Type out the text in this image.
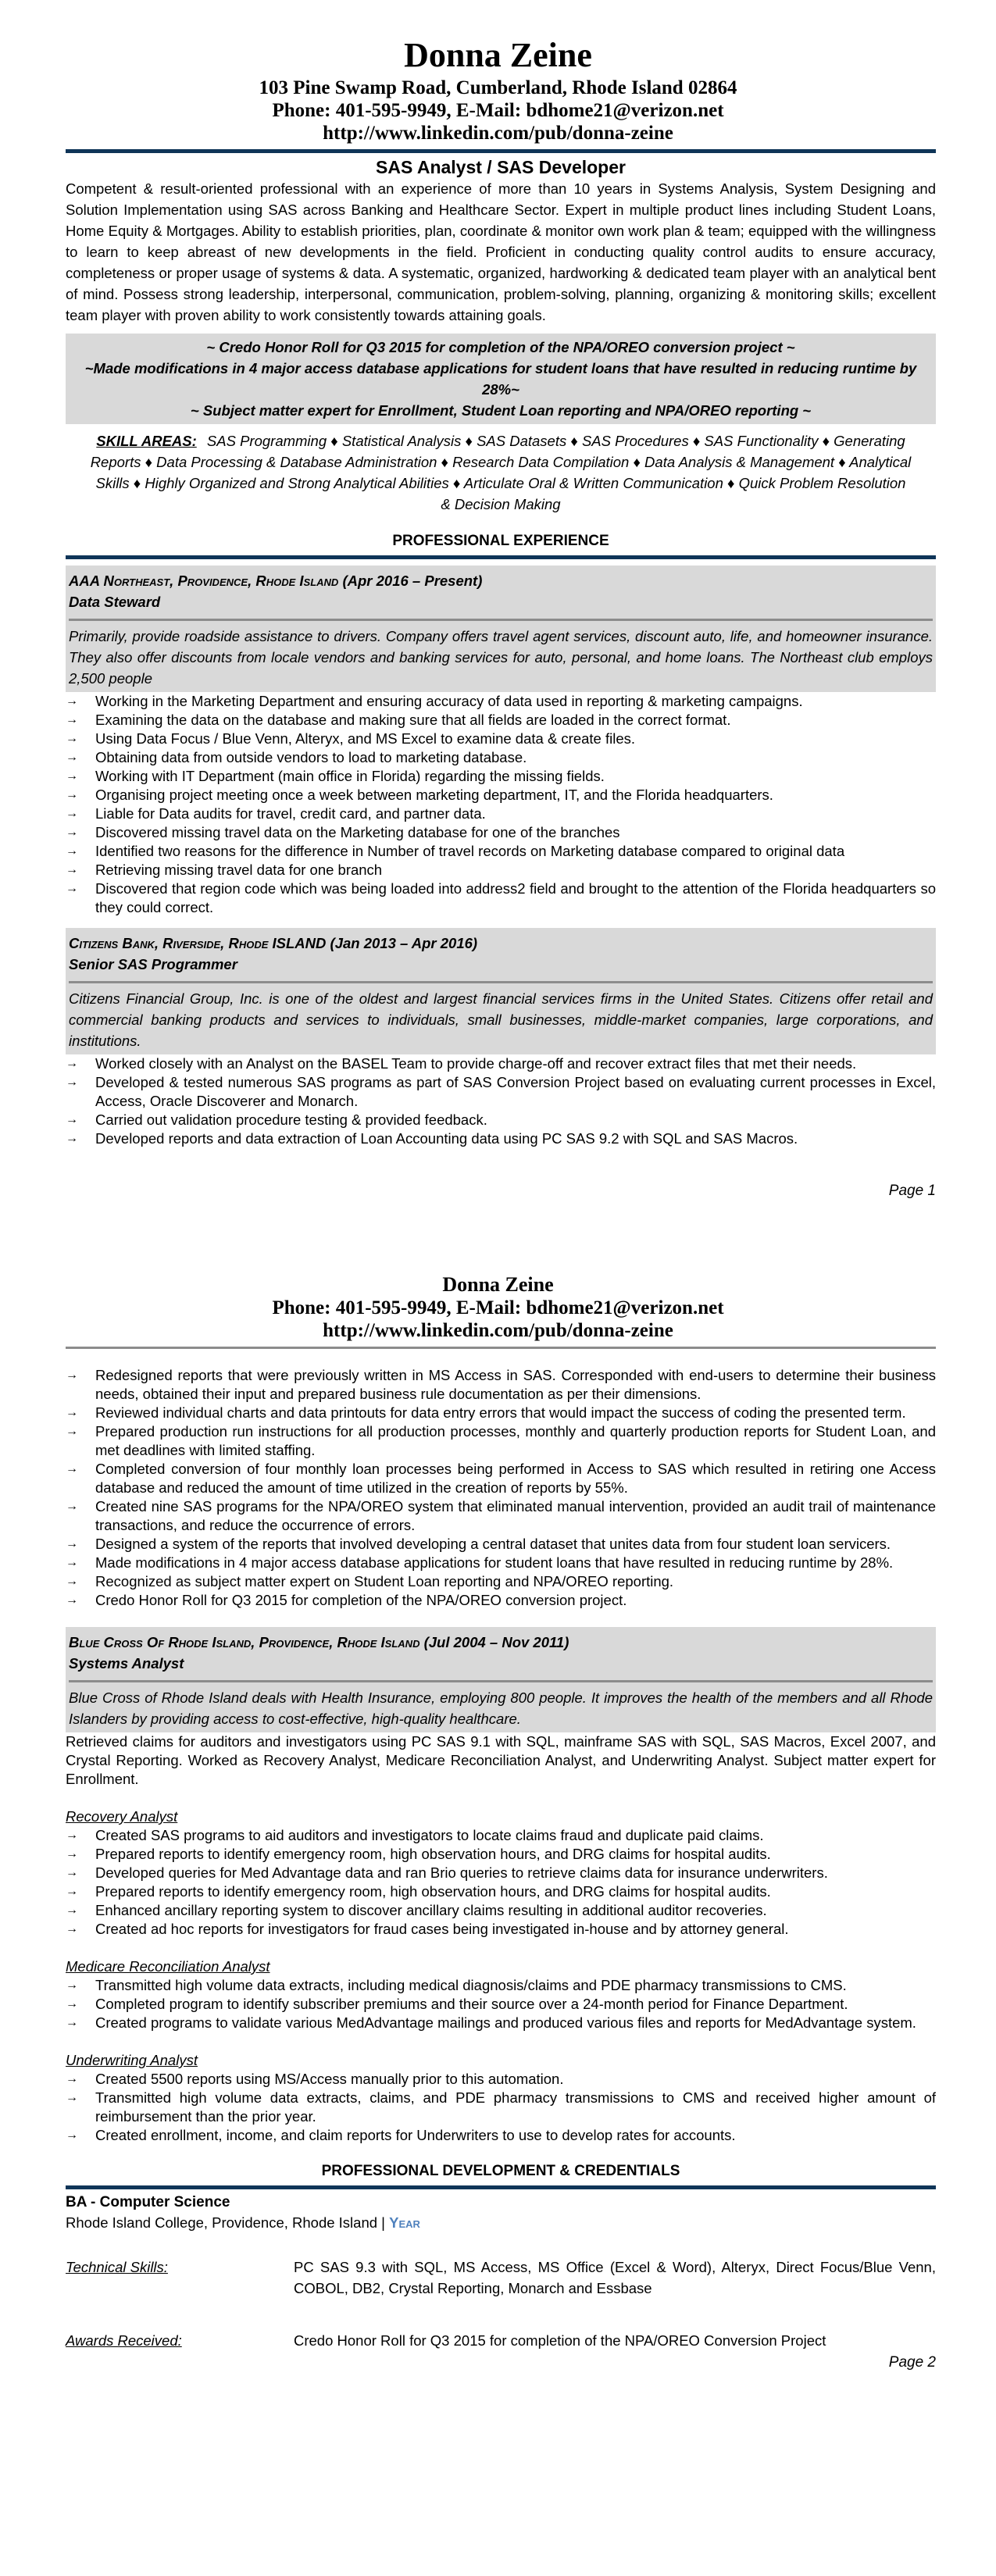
Donna Zeine
103 Pine Swamp Road, Cumberland, Rhode Island 02864
Phone: 401-595-9949, E-Mail: bdhome21@verizon.net
http://www.linkedin.com/pub/donna-zeine
SAS Analyst / SAS Developer
Competent & result-oriented professional with an experience of more than 10 years in Systems Analysis, System Designing and Solution Implementation using SAS across Banking and Healthcare Sector. Expert in multiple product lines including Student Loans, Home Equity & Mortgages. Ability to establish priorities, plan, coordinate & monitor own work plan & team; equipped with the willingness to learn to keep abreast of new developments in the field. Proficient in conducting quality control audits to ensure accuracy, completeness or proper usage of systems & data. A systematic, organized, hardworking & dedicated team player with an analytical bent of mind. Possess strong leadership, interpersonal, communication, problem-solving, planning, organizing & monitoring skills; excellent team player with proven ability to work consistently towards attaining goals.
~ Credo Honor Roll for Q3 2015 for completion of the NPA/OREO conversion project ~
~Made modifications in 4 major access database applications for student loans that have resulted in reducing runtime by 28%~
~ Subject matter expert for Enrollment, Student Loan reporting and NPA/OREO reporting ~
SKILL AREAS: SAS Programming ♦ Statistical Analysis ♦ SAS Datasets ♦ SAS Procedures ♦ SAS Functionality ♦ Generating Reports ♦ Data Processing & Database Administration ♦ Research Data Compilation ♦ Data Analysis & Management ♦ Analytical Skills ♦ Highly Organized and Strong Analytical Abilities ♦ Articulate Oral & Written Communication ♦ Quick Problem Resolution & Decision Making
PROFESSIONAL EXPERIENCE
AAA Northeast, Providence, Rhode Island (Apr 2016 – Present)
Data Steward
Primarily, provide roadside assistance to drivers. Company offers travel agent services, discount auto, life, and homeowner insurance. They also offer discounts from locale vendors and banking services for auto, personal, and home loans. The Northeast club employs 2,500 people
→ Working in the Marketing Department and ensuring accuracy of data used in reporting & marketing campaigns.
→ Examining the data on the database and making sure that all fields are loaded in the correct format.
→ Using Data Focus / Blue Venn, Alteryx, and MS Excel to examine data & create files.
→ Obtaining data from outside vendors to load to marketing database.
→ Working with IT Department (main office in Florida) regarding the missing fields.
→ Organising project meeting once a week between marketing department, IT, and the Florida headquarters.
→ Liable for Data audits for travel, credit card, and partner data.
→ Discovered missing travel data on the Marketing database for one of the branches
→ Identified two reasons for the difference in Number of travel records on Marketing database compared to original data
→ Retrieving missing travel data for one branch
→ Discovered that region code which was being loaded into address2 field and brought to the attention of the Florida headquarters so they could correct.
Citizens Bank, Riverside, Rhode ISLAND (Jan 2013 – Apr 2016)
Senior SAS Programmer
Citizens Financial Group, Inc. is one of the oldest and largest financial services firms in the United States. Citizens offer retail and commercial banking products and services to individuals, small businesses, middle-market companies, large corporations, and institutions.
→ Worked closely with an Analyst on the BASEL Team to provide charge-off and recover extract files that met their needs.
→ Developed & tested numerous SAS programs as part of SAS Conversion Project based on evaluating current processes in Excel, Access, Oracle Discoverer and Monarch.
→ Carried out validation procedure testing & provided feedback.
→ Developed reports and data extraction of Loan Accounting data using PC SAS 9.2 with SQL and SAS Macros.
Page 1
Donna Zeine
Phone: 401-595-9949, E-Mail: bdhome21@verizon.net
http://www.linkedin.com/pub/donna-zeine
→ Redesigned reports that were previously written in MS Access in SAS. Corresponded with end-users to determine their business needs, obtained their input and prepared business rule documentation as per their dimensions.
→ Reviewed individual charts and data printouts for data entry errors that would impact the success of coding the presented term.
→ Prepared production run instructions for all production processes, monthly and quarterly production reports for Student Loan, and met deadlines with limited staffing.
→ Completed conversion of four monthly loan processes being performed in Access to SAS which resulted in retiring one Access database and reduced the amount of time utilized in the creation of reports by 55%.
→ Created nine SAS programs for the NPA/OREO system that eliminated manual intervention, provided an audit trail of maintenance transactions, and reduce the occurrence of errors.
→ Designed a system of the reports that involved developing a central dataset that unites data from four student loan servicers.
→ Made modifications in 4 major access database applications for student loans that have resulted in reducing runtime by 28%.
→ Recognized as subject matter expert on Student Loan reporting and NPA/OREO reporting.
→ Credo Honor Roll for Q3 2015 for completion of the NPA/OREO conversion project.
Blue Cross Of Rhode Island, Providence, Rhode Island (Jul 2004 – Nov 2011)
Systems Analyst
Blue Cross of Rhode Island deals with Health Insurance, employing 800 people. It improves the health of the members and all Rhode Islanders by providing access to cost-effective, high-quality healthcare.
Retrieved claims for auditors and investigators using PC SAS 9.1 with SQL, mainframe SAS with SQL, SAS Macros, Excel 2007, and Crystal Reporting. Worked as Recovery Analyst, Medicare Reconciliation Analyst, and Underwriting Analyst. Subject matter expert for Enrollment.
Recovery Analyst
→ Created SAS programs to aid auditors and investigators to locate claims fraud and duplicate paid claims.
→ Prepared reports to identify emergency room, high observation hours, and DRG claims for hospital audits.
→ Developed queries for Med Advantage data and ran Brio queries to retrieve claims data for insurance underwriters.
→ Prepared reports to identify emergency room, high observation hours, and DRG claims for hospital audits.
→ Enhanced ancillary reporting system to discover ancillary claims resulting in additional auditor recoveries.
→ Created ad hoc reports for investigators for fraud cases being investigated in-house and by attorney general.
Medicare Reconciliation Analyst
→ Transmitted high volume data extracts, including medical diagnosis/claims and PDE pharmacy transmissions to CMS.
→ Completed program to identify subscriber premiums and their source over a 24-month period for Finance Department.
→ Created programs to validate various MedAdvantage mailings and produced various files and reports for MedAdvantage system.
Underwriting Analyst
→ Created 5500 reports using MS/Access manually prior to this automation.
→ Transmitted high volume data extracts, claims, and PDE pharmacy transmissions to CMS and received higher amount of reimbursement than the prior year.
→ Created enrollment, income, and claim reports for Underwriters to use to develop rates for accounts.
PROFESSIONAL DEVELOPMENT & CREDENTIALS
BA - Computer Science
Rhode Island College, Providence, Rhode Island | Year
Technical Skills:	PC SAS 9.3 with SQL, MS Access, MS Office (Excel & Word), Alteryx, Direct Focus/Blue Venn, COBOL, DB2, Crystal Reporting, Monarch and Essbase
Awards Received:	Credo Honor Roll for Q3 2015 for completion of the NPA/OREO Conversion Project
Page 2
